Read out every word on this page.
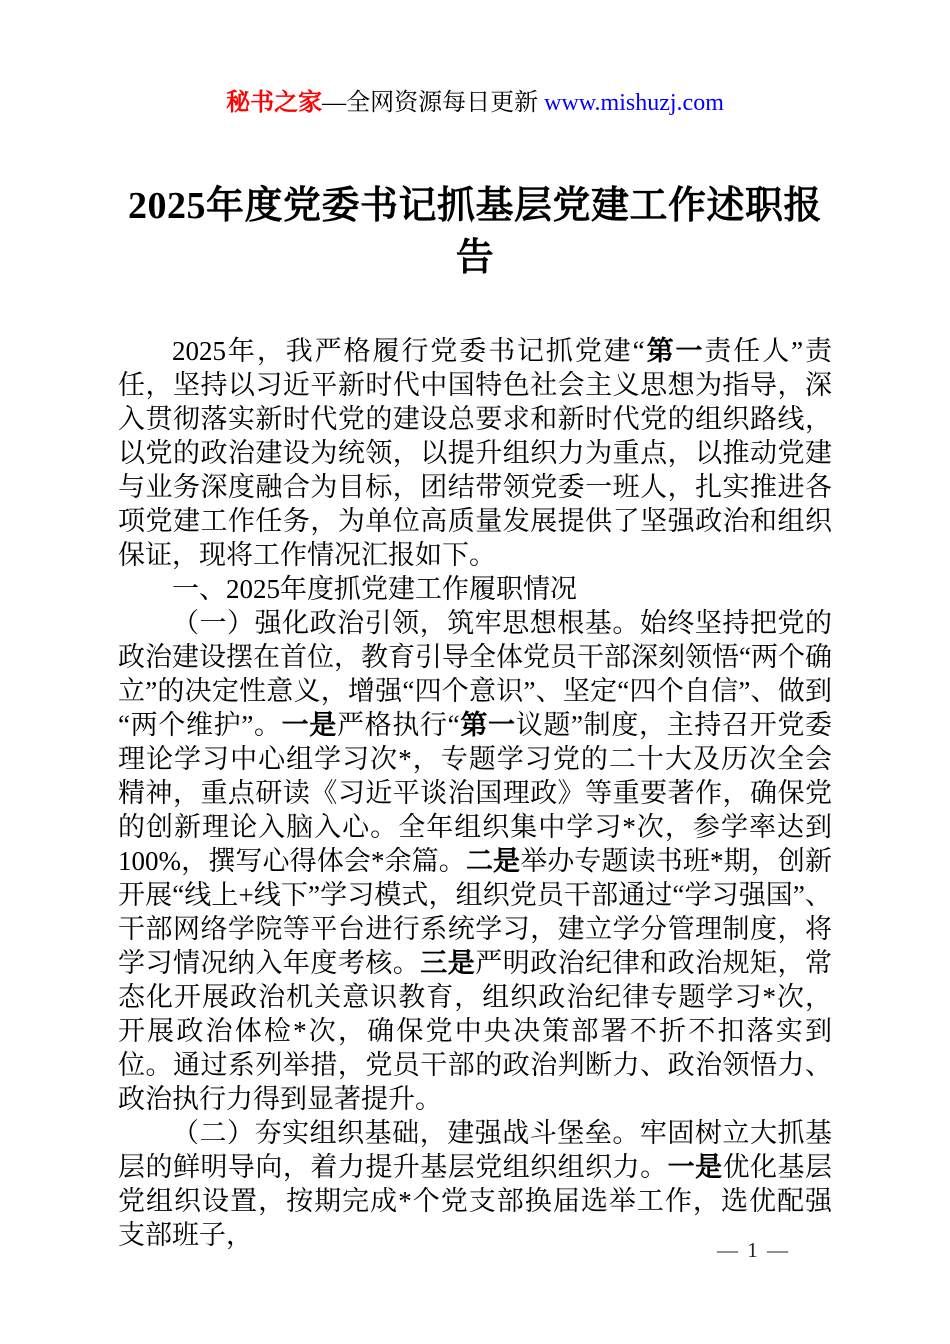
秘书之家—全网资源每日更新 www.mishuzj.com
2025年度党委书记抓基层党建工作述职报告

2025年，我严格履行党委书记抓党建“第一责任人”责任，坚持以习近平新时代中国特色社会主义思想为指导，深入贯彻落实新时代党的建设总要求和新时代党的组织路线，以党的政治建设为统领，以提升组织力为重点，以推动党建与业务深度融合为目标，团结带领党委一班人，扎实推进各项党建工作任务，为单位高质量发展提供了坚强政治和组织保证，现将工作情况汇报如下。

一、2025年度抓党建工作履职情况

（一）强化政治引领，筑牢思想根基。始终坚持把党的政治建设摆在首位，教育引导全体党员干部深刻领悟“两个确立”的决定性意义，增强“四个意识”、坚定“四个自信”、做到“两个维护”。一是严格执行“第一议题”制度，主持召开党委理论学习中心组学习次*，专题学习党的二十大及历次全会精神，重点研读《习近平谈治国理政》等重要著作，确保党的创新理论入脑入心。全年组织集中学习*次，参学率达到100%，撰写心得体会*余篇。二是举办专题读书班*期，创新开展“线上+线下”学习模式，组织党员干部通过“学习强国”、干部网络学院等平台进行系统学习，建立学分管理制度，将学习情况纳入年度考核。三是严明政治纪律和政治规矩，常态化开展政治机关意识教育，组织政治纪律专题学习*次，开展政治体检*次，确保党中央决策部署不折不扣落实到位。通过系列举措，党员干部的政治判断力、政治领悟力、政治执行力得到显著提升。

（二）夯实组织基础，建强战斗堡垒。牢固树立大抓基层的鲜明导向，着力提升基层党组织组织力。一是优化基层党组织设置，按期完成*个党支部换届选举工作，选优配强支部班子，	— 1 —
